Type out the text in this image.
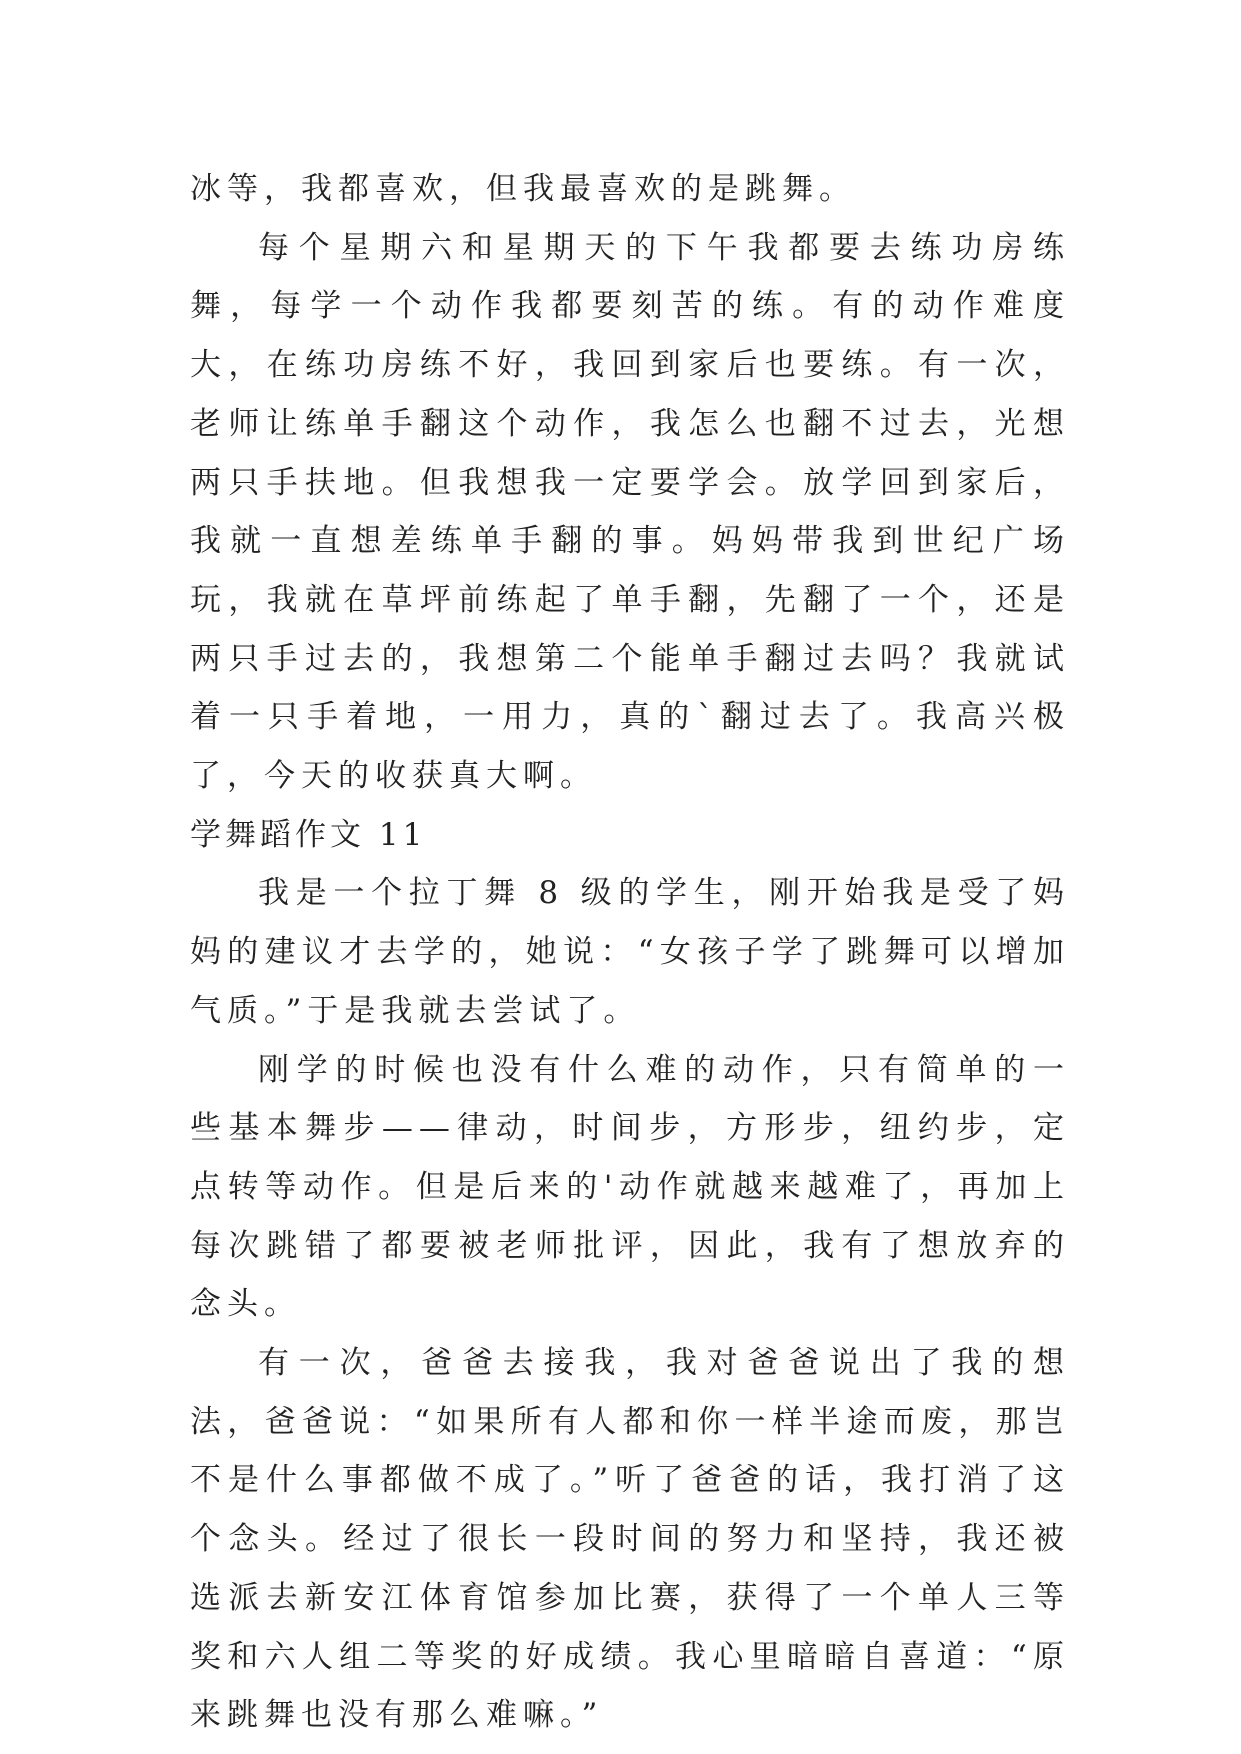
冰等，我都喜欢，但我最喜欢的是跳舞。

每个星期六和星期天的下午我都要去练功房练舞，每学一个动作我都要刻苦的练。有的动作难度大，在练功房练不好，我回到家后也要练。有一次，老师让练单手翻这个动作，我怎么也翻不过去，光想两只手扶地。但我想我一定要学会。放学回到家后，我就一直想差练单手翻的事。妈妈带我到世纪广场玩，我就在草坪前练起了单手翻，先翻了一个，还是两只手过去的，我想第二个能单手翻过去吗？我就试着一只手着地，一用力，真的`翻过去了。我高兴极了，今天的收获真大啊。

学舞蹈作文 11

我是一个拉丁舞 8 级的学生，刚开始我是受了妈妈的建议才去学的，她说：“女孩子学了跳舞可以增加气质。”于是我就去尝试了。

刚学的时候也没有什么难的动作，只有简单的一些基本舞步——律动，时间步，方形步，纽约步，定点转等动作。但是后来的'动作就越来越难了，再加上每次跳错了都要被老师批评，因此，我有了想放弃的念头。

有一次，爸爸去接我，我对爸爸说出了我的想法，爸爸说：“如果所有人都和你一样半途而废，那岂不是什么事都做不成了。”听了爸爸的话，我打消了这个念头。经过了很长一段时间的努力和坚持，我还被选派去新安江体育馆参加比赛，获得了一个单人三等奖和六人组二等奖的好成绩。我心里暗暗自喜道：“原来跳舞也没有那么难嘛。”
